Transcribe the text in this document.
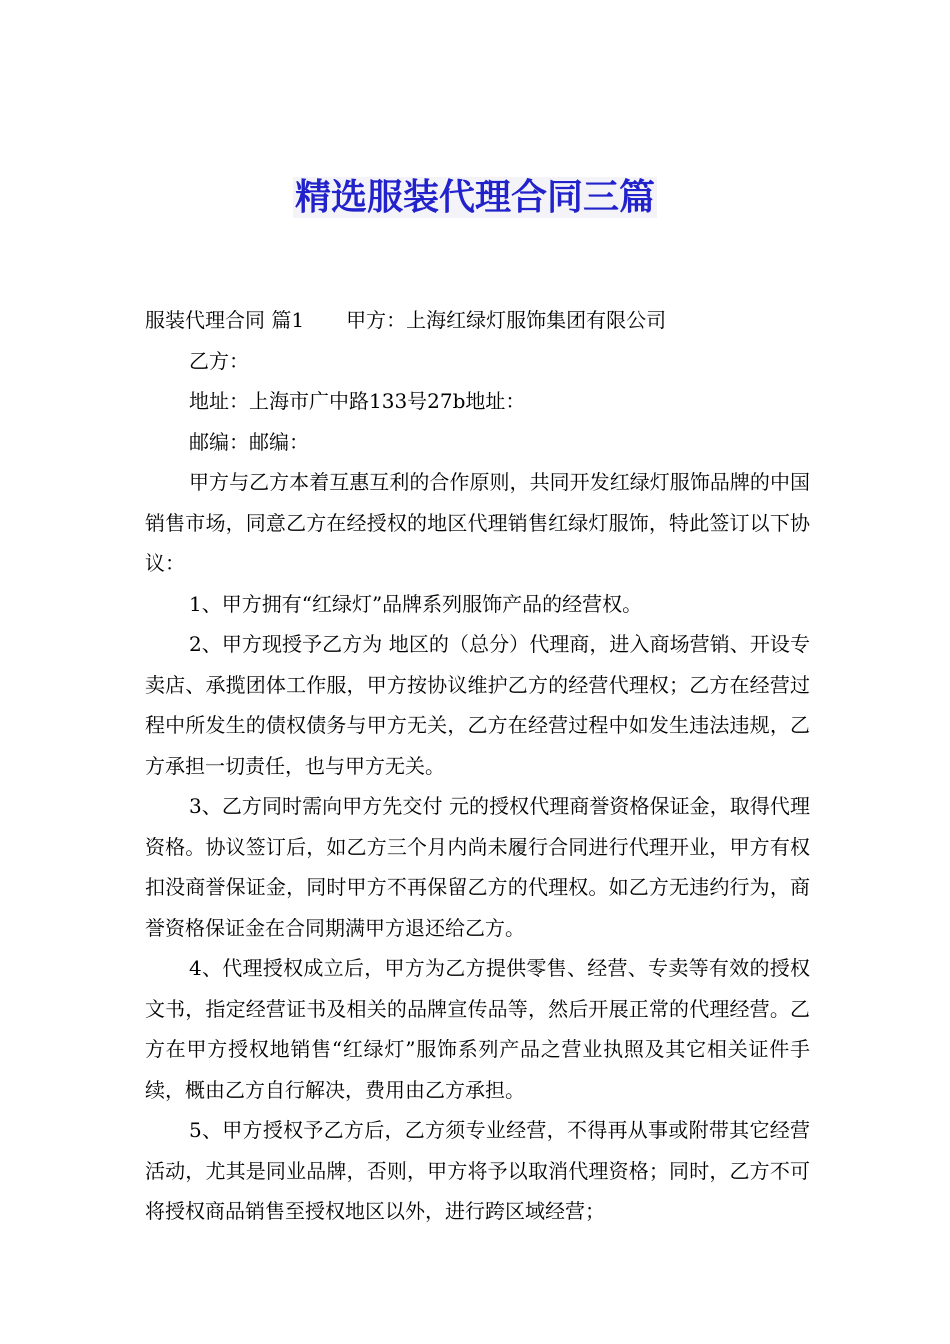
精选服装代理合同三篇

服装代理合同 篇1 甲方：上海红绿灯服饰集团有限公司

乙方：

地址：上海市广中路133号27b地址：

邮编：邮编：

甲方与乙方本着互惠互利的合作原则，共同开发红绿灯服饰品牌的中国销售市场，同意乙方在经授权的地区代理销售红绿灯服饰，特此签订以下协议：

1、甲方拥有“红绿灯”品牌系列服饰产品的经营权。

2、甲方现授予乙方为 地区的（总分）代理商，进入商场营销、开设专卖店、承揽团体工作服，甲方按协议维护乙方的经营代理权；乙方在经营过程中所发生的债权债务与甲方无关，乙方在经营过程中如发生违法违规，乙方承担一切责任，也与甲方无关。

3、乙方同时需向甲方先交付 元的授权代理商誉资格保证金，取得代理资格。协议签订后，如乙方三个月内尚未履行合同进行代理开业，甲方有权扣没商誉保证金，同时甲方不再保留乙方的代理权。如乙方无违约行为，商誉资格保证金在合同期满甲方退还给乙方。

4、代理授权成立后，甲方为乙方提供零售、经营、专卖等有效的授权文书，指定经营证书及相关的品牌宣传品等，然后开展正常的代理经营。乙方在甲方授权地销售“红绿灯”服饰系列产品之营业执照及其它相关证件手续，概由乙方自行解决，费用由乙方承担。

5、甲方授权予乙方后，乙方须专业经营，不得再从事或附带其它经营活动，尤其是同业品牌，否则，甲方将予以取消代理资格；同时，乙方不可将授权商品销售至授权地区以外，进行跨区域经营；
